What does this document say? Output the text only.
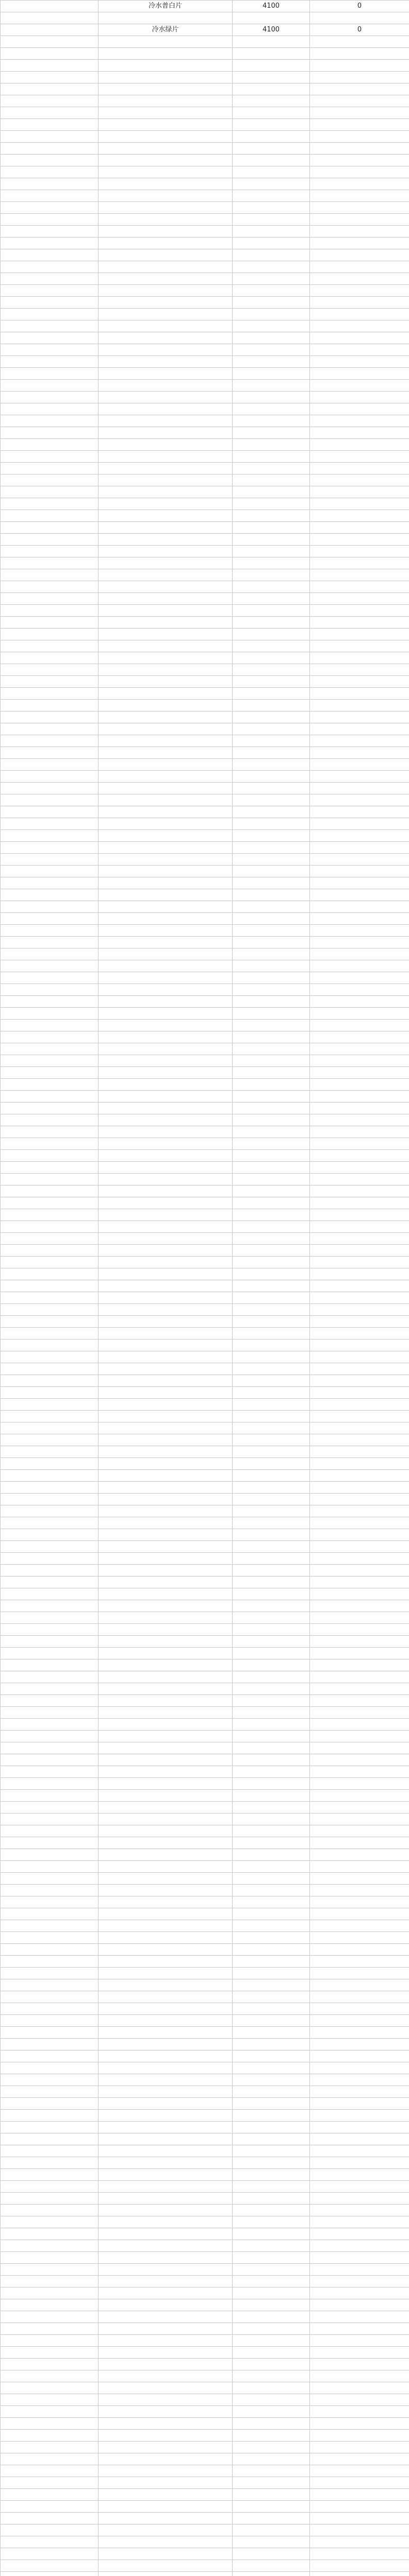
	冷水普白片	4100	0

	冷水绿片	4100	0
